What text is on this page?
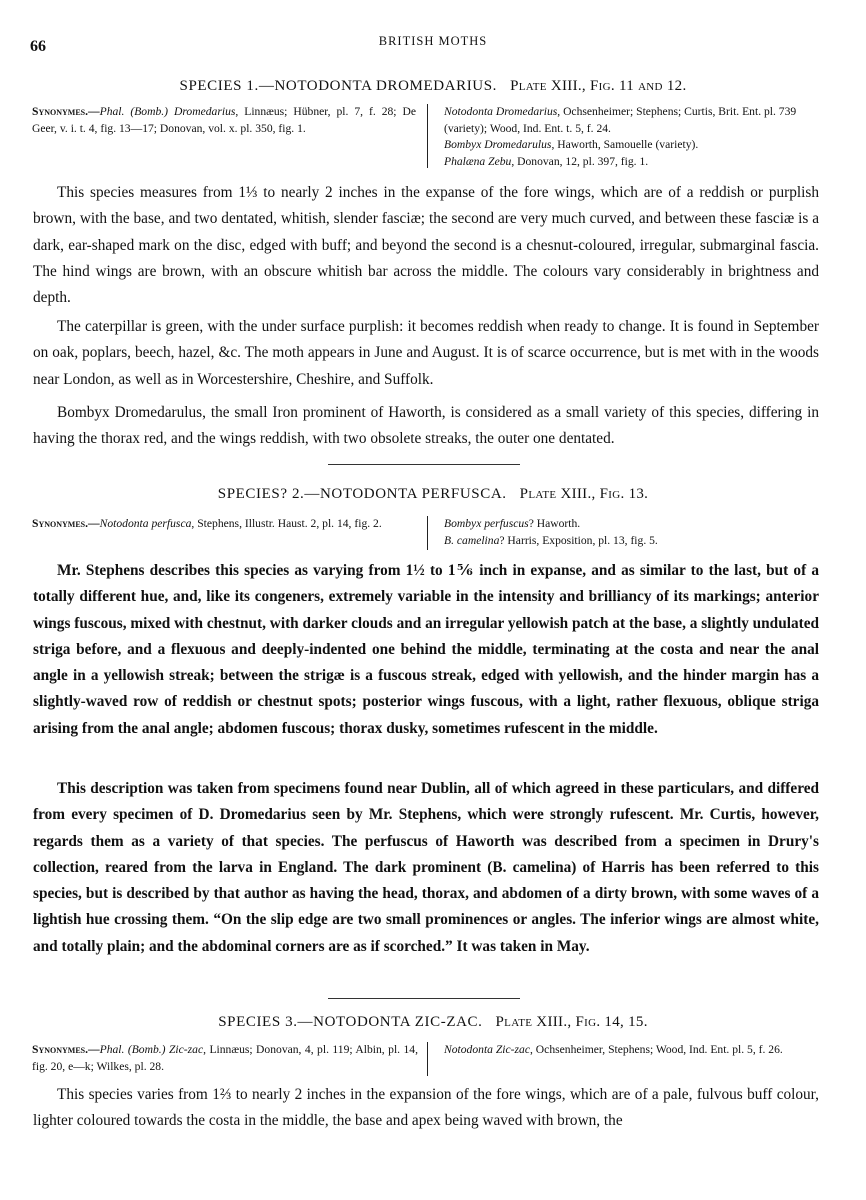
66	BRITISH MOTHS
SPECIES 1.—NOTODONTA DROMEDARIUS. Plate XIII., Fig. 11 and 12.
Synonymes.—Phal. (Bomb.) Dromedarius, Linnæus; Hübner, pl. 7, f. 28; De Geer, v. i. t. 4, fig. 13—17; Donovan, vol. x. pl. 350, fig. 1.
Notodonta Dromedarius, Ochsenheimer; Stephens; Curtis, Brit. Ent. pl. 739 (variety); Wood, Ind. Ent. t. 5, f. 24.
Bombyx Dromedarulus, Haworth, Samouelle (variety).
Phalæna Zebu, Donovan, 12, pl. 397, fig. 1.
This species measures from 1⅓ to nearly 2 inches in the expanse of the fore wings, which are of a reddish or purplish brown, with the base, and two dentated, whitish, slender fasciæ; the second are very much curved, and between these fasciæ is a dark, ear-shaped mark on the disc, edged with buff; and beyond the second is a chesnut-coloured, irregular, submarginal fascia. The hind wings are brown, with an obscure whitish bar across the middle. The colours vary considerably in brightness and depth.
The caterpillar is green, with the under surface purplish: it becomes reddish when ready to change. It is found in September on oak, poplars, beech, hazel, &c. The moth appears in June and August. It is of scarce occurrence, but is met with in the woods near London, as well as in Worcestershire, Cheshire, and Suffolk.
Bombyx Dromedarulus, the small Iron prominent of Haworth, is considered as a small variety of this species, differing in having the thorax red, and the wings reddish, with two obsolete streaks, the outer one dentated.
SPECIES? 2.—NOTODONTA PERFUSCA. Plate XIII., Fig. 13.
Synonymes.—Notodonta perfusca, Stephens, Illustr. Haust. 2, pl. 14, fig. 2.	Bombyx perfuscus? Haworth.
B. camelina? Harris, Exposition, pl. 13, fig. 5.
Mr. Stephens describes this species as varying from 1½ to 1⅚ inch in expanse, and as similar to the last, but of a totally different hue, and, like its congeners, extremely variable in the intensity and brilliancy of its markings; anterior wings fuscous, mixed with chestnut, with darker clouds and an irregular yellowish patch at the base, a slightly undulated striga before, and a flexuous and deeply-indented one behind the middle, terminating at the costa and near the anal angle in a yellowish streak; between the strigæ is a fuscous streak, edged with yellowish, and the hinder margin has a slightly-waved row of reddish or chestnut spots; posterior wings fuscous, with a light, rather flexuous, oblique striga arising from the anal angle; abdomen fuscous; thorax dusky, sometimes rufescent in the middle.
This description was taken from specimens found near Dublin, all of which agreed in these particulars, and differed from every specimen of D. Dromedarius seen by Mr. Stephens, which were strongly rufescent. Mr. Curtis, however, regards them as a variety of that species. The perfuscus of Haworth was described from a specimen in Drury's collection, reared from the larva in England. The dark prominent (B. camelina) of Harris has been referred to this species, but is described by that author as having the head, thorax, and abdomen of a dirty brown, with some waves of a lightish hue crossing them. “On the slip edge are two small prominences or angles. The inferior wings are almost white, and totally plain; and the abdominal corners are as if scorched.” It was taken in May.
SPECIES 3.—NOTODONTA ZIC-ZAC. Plate XIII., Fig. 14, 15.
Synonymes.—Phal. (Bomb.) Zic-zac, Linnæus; Donovan, 4, pl. 119; Albin, pl. 14, fig. 20, e—k; Wilkes, pl. 28.
Notodonta Zic-zac, Ochsenheimer, Stephens; Wood, Ind. Ent. pl. 5, f. 26.
This species varies from 1⅔ to nearly 2 inches in the expansion of the fore wings, which are of a pale, fulvous buff colour, lighter coloured towards the costa in the middle, the base and apex being waved with brown, the
